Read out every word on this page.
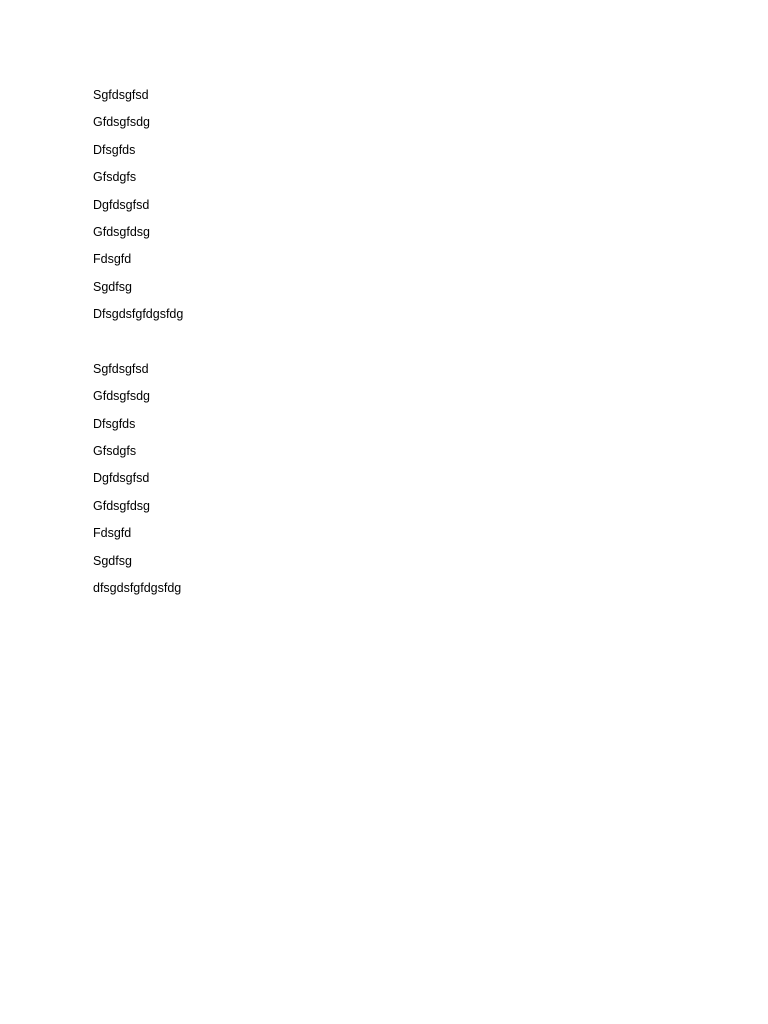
Sgfdsgfsd
Gfdsgfsdg
Dfsgfds
Gfsdgfs
Dgfdsgfsd
Gfdsgfdsg
Fdsgfd
Sgdfsg
Dfsgdsfgfdgsfdg
Sgfdsgfsd
Gfdsgfsdg
Dfsgfds
Gfsdgfs
Dgfdsgfsd
Gfdsgfdsg
Fdsgfd
Sgdfsg
dfsgdsfgfdgsfdg
